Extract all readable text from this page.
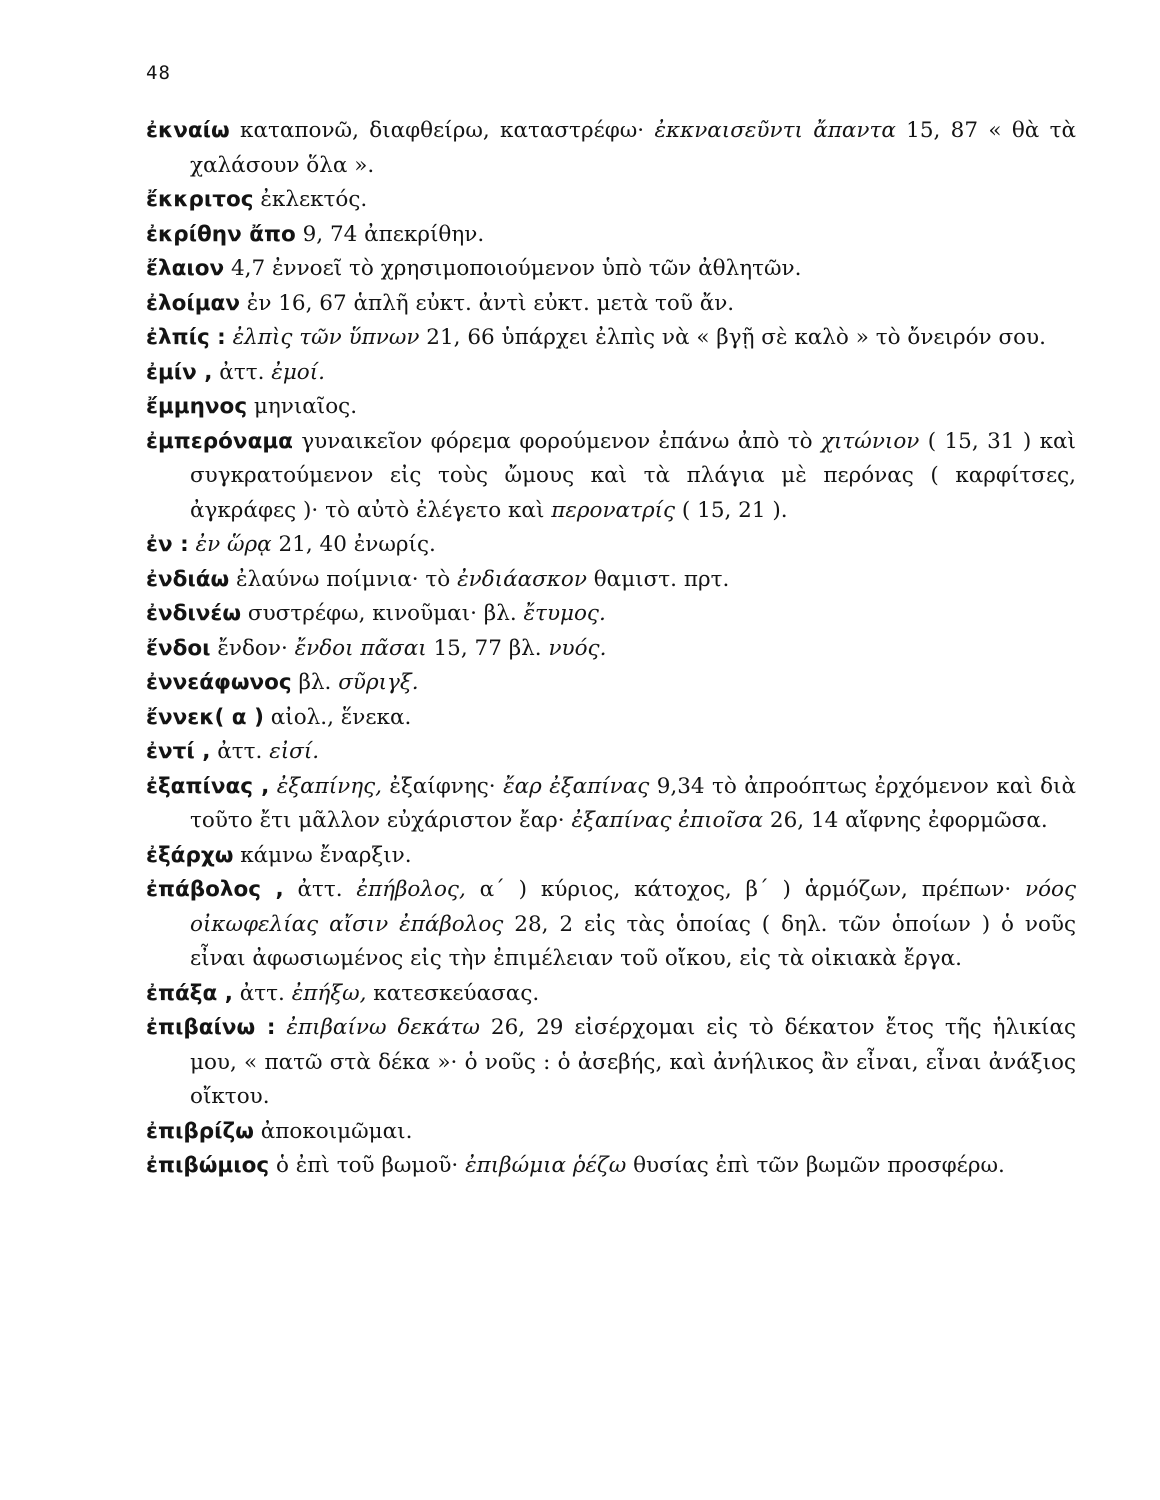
48

ἐκναίω καταπονῶ, διαφθείρω, καταστρέφω· ἐκκναισεῦντι ἄπαντα 15, 87 « θὰ τὰ χαλάσουν ὅλα ».

ἔκκριτος ἐκλεκτός.

ἐκρίθην ἄπο 9, 74 ἀπεκρίθην.

ἔλαιον 4,7 ἐννοεῖ τὸ χρησιμοποιούμενον ὑπὸ τῶν ἀθλητῶν.

ἐλοίμαν ἐν 16, 67 ἁπλῆ εὐκτ. ἀντὶ εὐκτ. μετὰ τοῦ ἄν.

ἐλπίς : ἐλπὶς τῶν ὕπνων 21, 66 ὑπάρχει ἐλπὶς νὰ « βγῇ σὲ καλὸ » τὸ ὄνειρόν σου.

ἐμίν , ἀττ. ἐμοί.

ἔμμηνος μηνιαῖος.

ἐμπερόναμα γυναικεῖον φόρεμα φορούμενον ἐπάνω ἀπὸ τὸ χιτώνιον ( 15, 31 ) καὶ συγκρατούμενον εἰς τοὺς ὤμους καὶ τὰ πλάγια μὲ περόνας ( καρφίτσες, ἀγκράφες )· τὸ αὐτὸ ἐλέγετο καὶ περονατρίς ( 15, 21 ).

ἐν : ἐν ὥρᾳ 21, 40 ἐνωρίς.

ἐνδιάω ἐλαύνω ποίμνια· τὸ ἐνδιάασκον θαμιστ. πρτ.

ἐνδινέω συστρέφω, κινοῦμαι· βλ. ἔτυμος.

ἔνδοι ἔνδον· ἔνδοι πᾶσαι 15, 77 βλ. νυός.

ἐννεάφωνος βλ. σῦριγξ.

ἔννεκ( α ) αἰολ., ἕνεκα.

ἐντί , ἀττ. εἰσί.

ἐξαπίνας , ἐξαπίνης, ἐξαίφνης· ἔαρ ἐξαπίνας 9,34 τὸ ἀπροόπτως ἐρχόμενον καὶ διὰ τοῦτο ἔτι μᾶλλον εὐχάριστον ἔαρ· ἐξαπίνας ἐπιοῖσα 26, 14 αἴφνης ἐφορμῶσα.

ἐξάρχω κάμνω ἔναρξιν.

ἐπάβολος , ἀττ. ἐπήβολος, α΄ ) κύριος, κάτοχος, β΄ ) ἁρμόζων, πρέπων· νόος οἰκωφελίας αἴσιν ἐπάβολος 28, 2 εἰς τὰς ὁποίας ( δηλ. τῶν ὁποίων ) ὁ νοῦς εἶναι ἀφωσιωμένος εἰς τὴν ἐπιμέλειαν τοῦ οἴκου, εἰς τὰ οἰκιακὰ ἔργα.

ἐπάξα , ἀττ. ἐπήξω, κατεσκεύασας.

ἐπιβαίνω : ἐπιβαίνω δεκάτω 26, 29 εἰσέρχομαι εἰς τὸ δέκατον ἔτος τῆς ἡλικίας μου, « πατῶ στὰ δέκα »· ὁ νοῦς : ὁ ἀσεβής, καὶ ἀνήλικος ἂν εἶναι, εἶναι ἀνάξιος οἴκτου.

ἐπιβρίζω ἀποκοιμῶμαι.

ἐπιβώμιος ὁ ἐπὶ τοῦ βωμοῦ· ἐπιβώμια ῥέζω θυσίας ἐπὶ τῶν βωμῶν προσφέρω.
